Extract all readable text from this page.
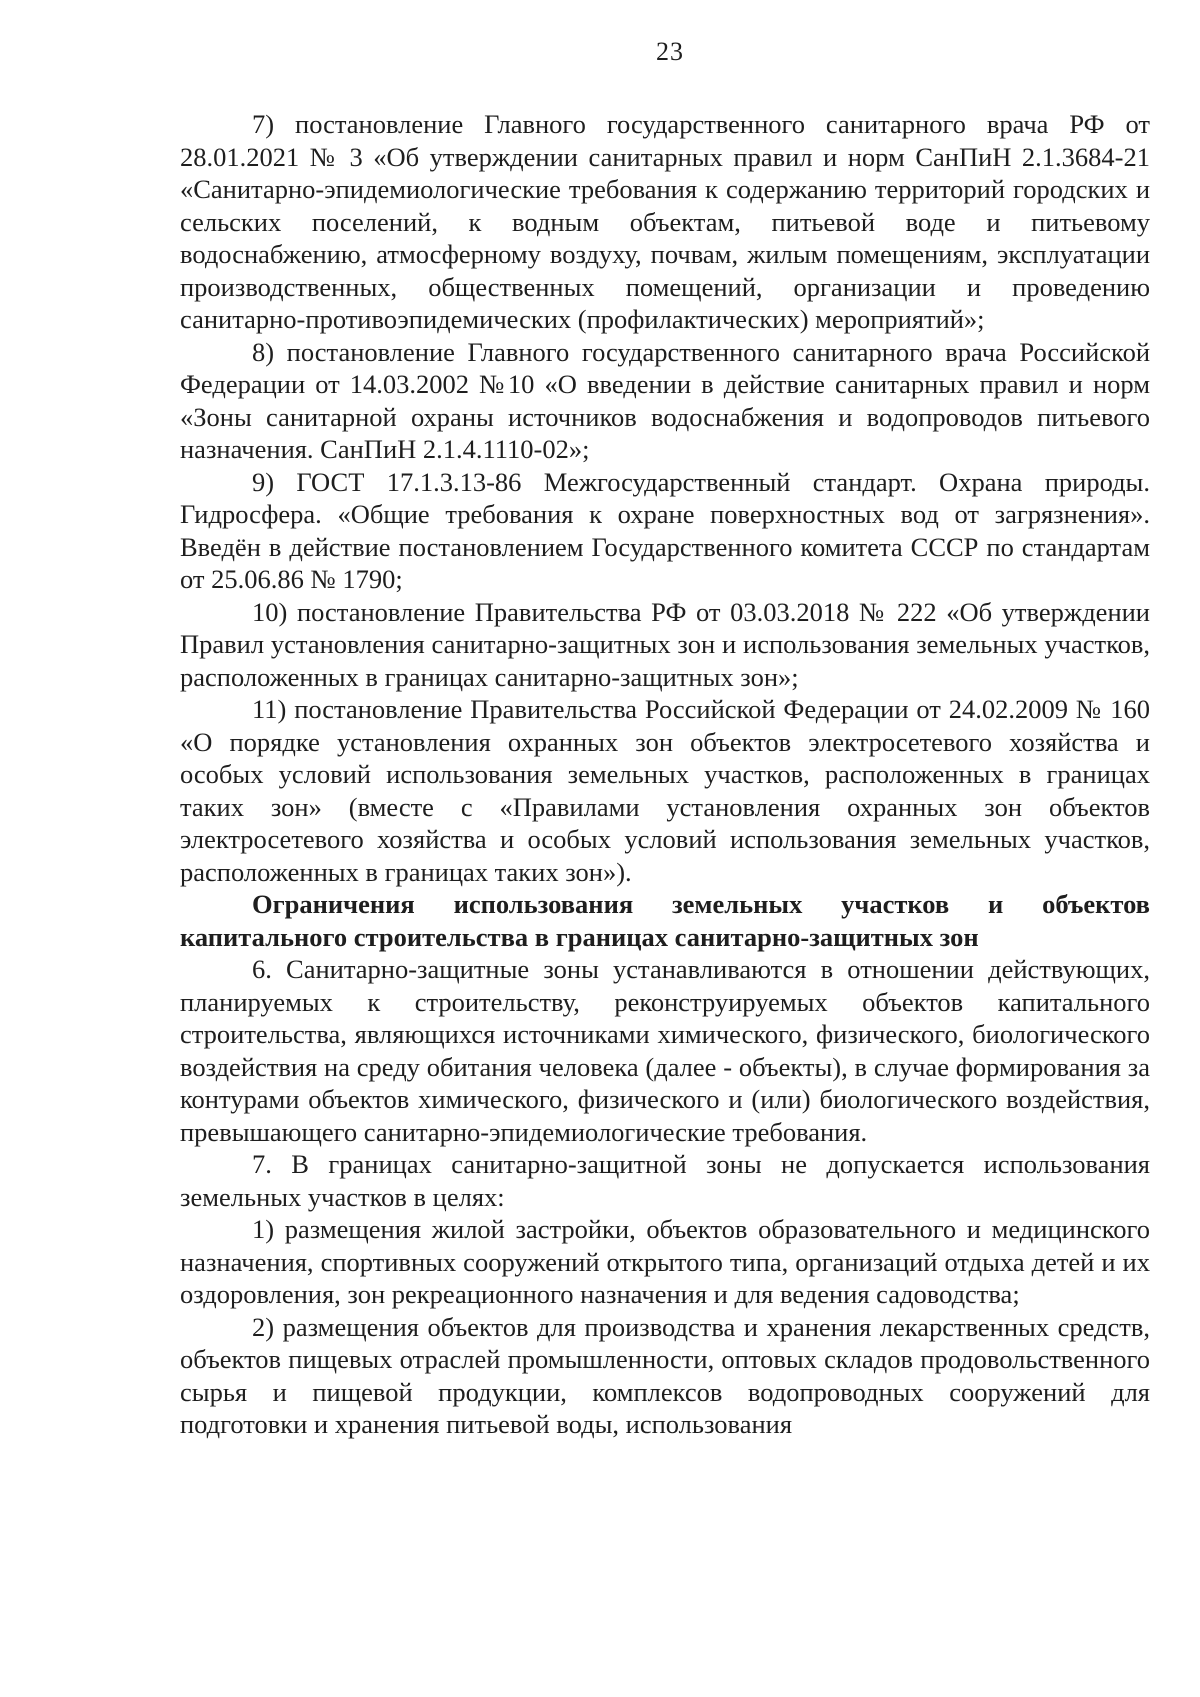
23

7) постановление Главного государственного санитарного врача РФ от 28.01.2021 № 3 «Об утверждении санитарных правил и норм СанПиН 2.1.3684-21 «Санитарно-эпидемиологические требования к содержанию территорий городских и сельских поселений, к водным объектам, питьевой воде и питьевому водоснабжению, атмосферному воздуху, почвам, жилым помещениям, эксплуатации производственных, общественных помещений, организации и проведению санитарно-противоэпидемических (профилактических) мероприятий»;

8) постановление Главного государственного санитарного врача Российской Федерации от 14.03.2002 №10 «О введении в действие санитарных правил и норм «Зоны санитарной охраны источников водоснабжения и водопроводов питьевого назначения. СанПиН 2.1.4.1110-02»;

9) ГОСТ 17.1.3.13-86 Межгосударственный стандарт. Охрана природы. Гидросфера. «Общие требования к охране поверхностных вод от загрязнения». Введён в действие постановлением Государственного комитета СССР по стандартам от 25.06.86 № 1790;

10) постановление Правительства РФ от 03.03.2018 № 222 «Об утверждении Правил установления санитарно-защитных зон и использования земельных участков, расположенных в границах санитарно-защитных зон»;

11) постановление Правительства Российской Федерации от 24.02.2009 № 160 «О порядке установления охранных зон объектов электросетевого хозяйства и особых условий использования земельных участков, расположенных в границах таких зон» (вместе с «Правилами установления охранных зон объектов электросетевого хозяйства и особых условий использования земельных участков, расположенных в границах таких зон»).

Ограничения использования земельных участков и объектов капитального строительства в границах санитарно-защитных зон

6. Санитарно-защитные зоны устанавливаются в отношении действующих, планируемых к строительству, реконструируемых объектов капитального строительства, являющихся источниками химического, физического, биологического воздействия на среду обитания человека (далее - объекты), в случае формирования за контурами объектов химического, физического и (или) биологического воздействия, превышающего санитарно-эпидемиологические требования.

7. В границах санитарно-защитной зоны не допускается использования земельных участков в целях:

1) размещения жилой застройки, объектов образовательного и медицинского назначения, спортивных сооружений открытого типа, организаций отдыха детей и их оздоровления, зон рекреационного назначения и для ведения садоводства;

2) размещения объектов для производства и хранения лекарственных средств, объектов пищевых отраслей промышленности, оптовых складов продовольственного сырья и пищевой продукции, комплексов водопроводных сооружений для подготовки и хранения питьевой воды, использования
